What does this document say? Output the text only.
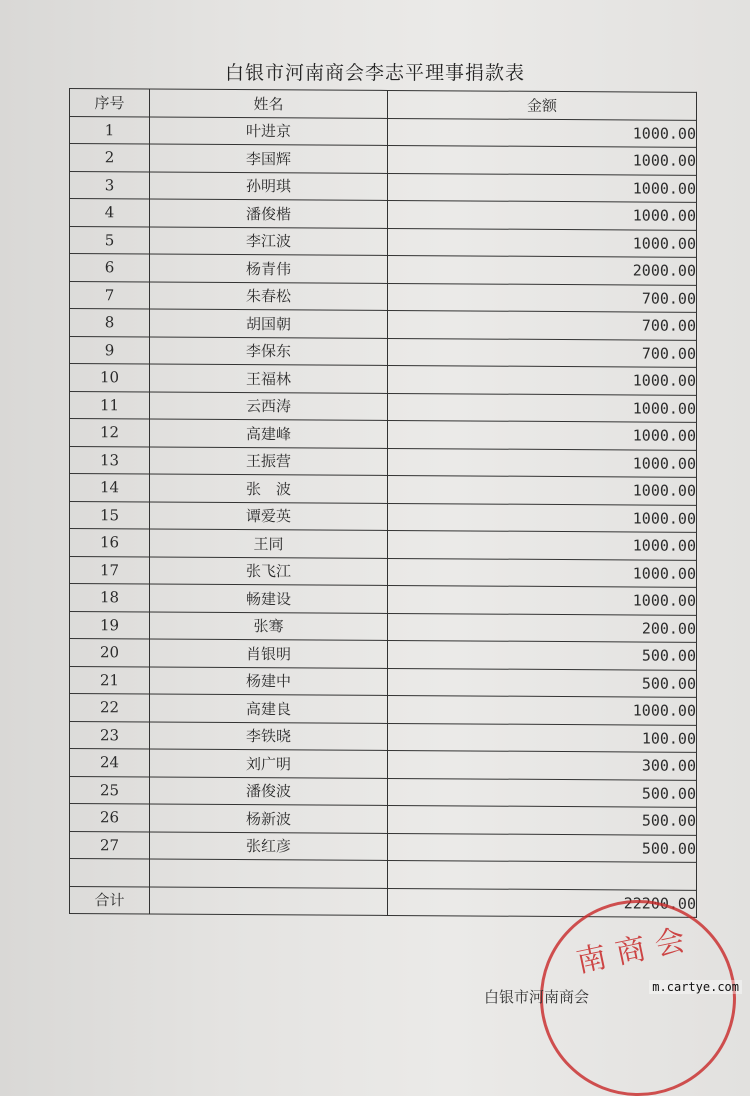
白银市河南商会李志平理事捐款表
序号	姓名	金额
1	叶进京	1000.00
2	李国辉	1000.00
3	孙明琪	1000.00
4	潘俊楷	1000.00
5	李江波	1000.00
6	杨青伟	2000.00
7	朱春松	700.00
8	胡国朝	700.00
9	李保东	700.00
10	王福林	1000.00
11	云西涛	1000.00
12	高建峰	1000.00
13	王振营	1000.00
14	张　波	1000.00
15	谭爱英	1000.00
16	王同	1000.00
17	张飞江	1000.00
18	畅建设	1000.00
19	张骞	200.00
20	肖银明	500.00
21	杨建中	500.00
22	高建良	1000.00
23	李铁晓	100.00
24	刘广明	300.00
25	潘俊波	500.00
26	杨新波	500.00
27	张红彦	500.00

合计		22200.00
南商会
白银市河南商会
m.cartye.com
